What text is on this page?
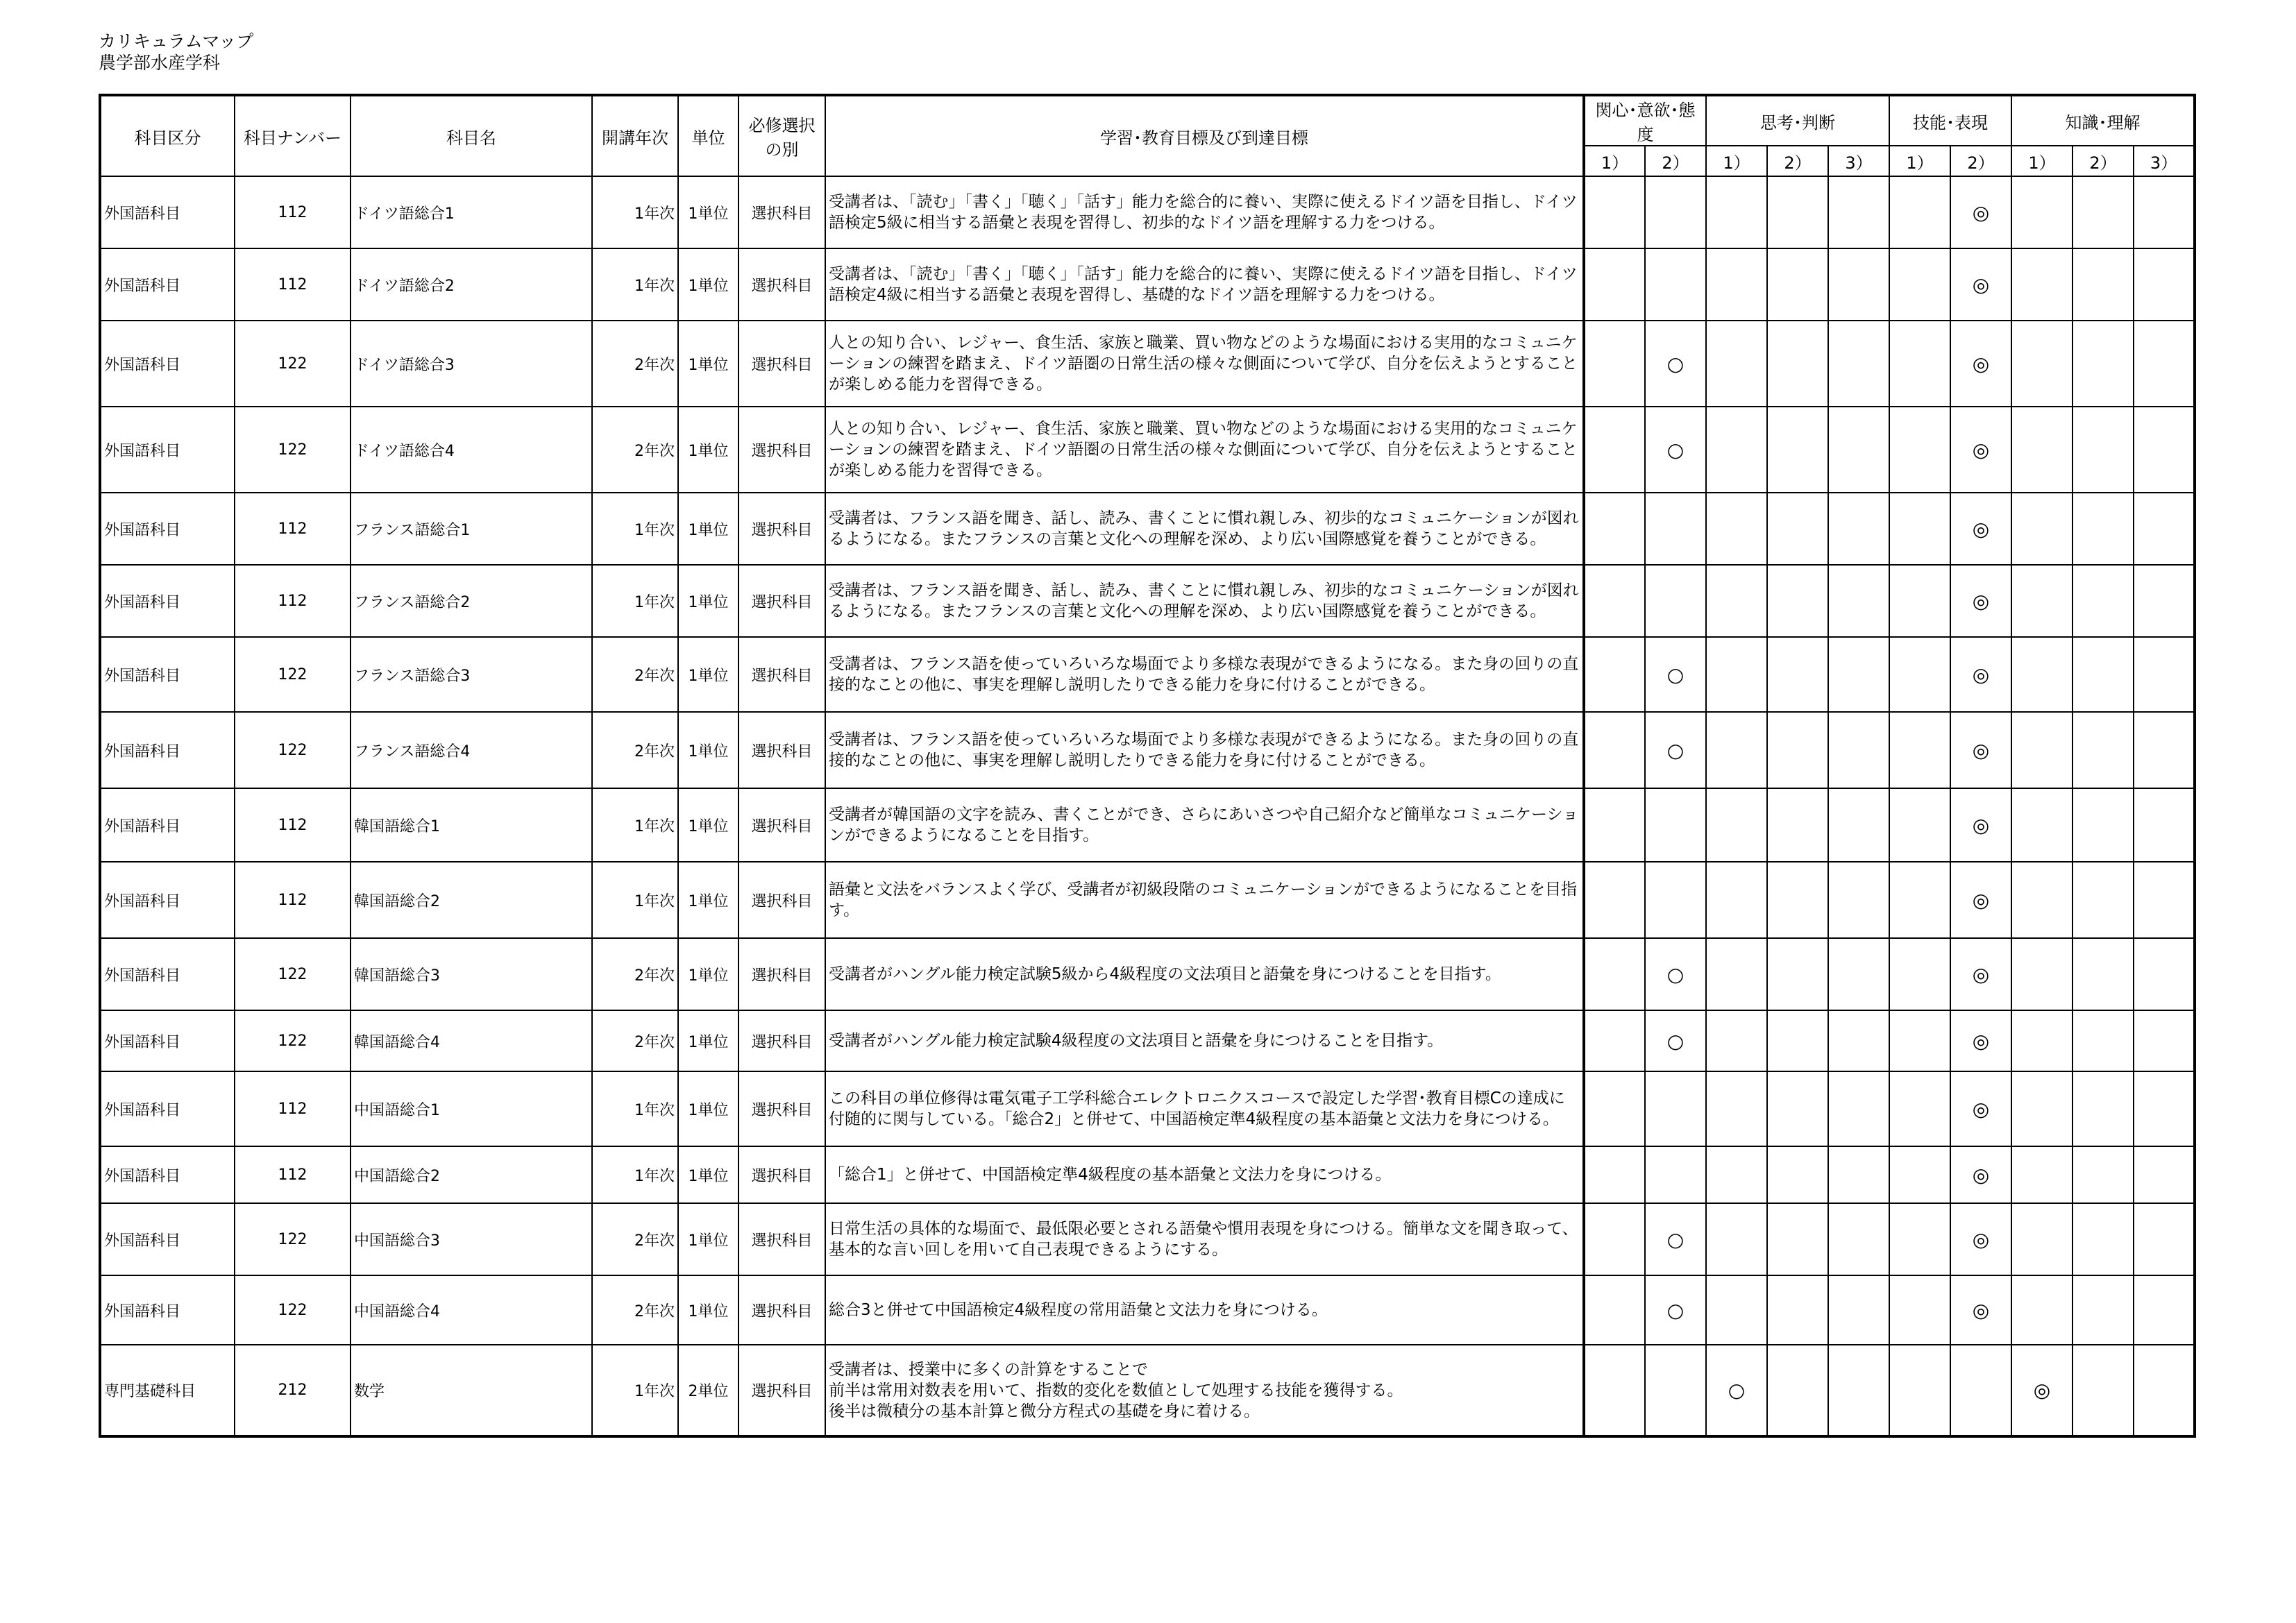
カリキュラムマップ
農学部水産学科
科目区分	科目ナンバー	科目名	開講年次	単位	必修選択の別	学習･教育目標及び到達目標	関心･意欲･態度		思考･判断			技能･表現		知識･理解		
							1）	2）	1）	2）	3）	1）	2）	1）	2）	3）
外国語科目	112	ドイツ語総合1	1年次	1単位	選択科目	受講者は、「読む」「書く」「聴く」「話す」能力を総合的に養い、実際に使えるドイツ語を目指し、ドイツ語検定5級に相当する語彙と表現を習得し、初歩的なドイツ語を理解する力をつける。							◎			
外国語科目	112	ドイツ語総合2	1年次	1単位	選択科目	受講者は、「読む」「書く」「聴く」「話す」能力を総合的に養い、実際に使えるドイツ語を目指し、ドイツ語検定4級に相当する語彙と表現を習得し、基礎的なドイツ語を理解する力をつける。							◎			
外国語科目	122	ドイツ語総合3	2年次	1単位	選択科目	人との知り合い、レジャー、食生活、家族と職業、買い物などのような場面における実用的なコミュニケーションの練習を踏まえ、ドイツ語圏の日常生活の様々な側面について学び、自分を伝えようとすることが楽しめる能力を習得できる。		○					◎			
外国語科目	122	ドイツ語総合4	2年次	1単位	選択科目	人との知り合い、レジャー、食生活、家族と職業、買い物などのような場面における実用的なコミュニケーションの練習を踏まえ、ドイツ語圏の日常生活の様々な側面について学び、自分を伝えようとすることが楽しめる能力を習得できる。		○					◎			
外国語科目	112	フランス語総合1	1年次	1単位	選択科目	受講者は、フランス語を聞き、話し、読み、書くことに慣れ親しみ、初歩的なコミュニケーションが図れるようになる。またフランスの言葉と文化への理解を深め、より広い国際感覚を養うことができる。							◎			
外国語科目	112	フランス語総合2	1年次	1単位	選択科目	受講者は、フランス語を聞き、話し、読み、書くことに慣れ親しみ、初歩的なコミュニケーションが図れるようになる。またフランスの言葉と文化への理解を深め、より広い国際感覚を養うことができる。							◎			
外国語科目	122	フランス語総合3	2年次	1単位	選択科目	受講者は、フランス語を使っていろいろな場面でより多様な表現ができるようになる。また身の回りの直接的なことの他に、事実を理解し説明したりできる能力を身に付けることができる。		○					◎			
外国語科目	122	フランス語総合4	2年次	1単位	選択科目	受講者は、フランス語を使っていろいろな場面でより多様な表現ができるようになる。また身の回りの直接的なことの他に、事実を理解し説明したりできる能力を身に付けることができる。		○					◎			
外国語科目	112	韓国語総合1	1年次	1単位	選択科目	受講者が韓国語の文字を読み、書くことができ、さらにあいさつや自己紹介など簡単なコミュニケーションができるようになることを目指す。							◎			
外国語科目	112	韓国語総合2	1年次	1単位	選択科目	語彙と文法をバランスよく学び、受講者が初級段階のコミュニケーションができるようになることを目指す。							◎			
外国語科目	122	韓国語総合3	2年次	1単位	選択科目	受講者がハングル能力検定試験5級から4級程度の文法項目と語彙を身につけることを目指す。		○					◎			
外国語科目	122	韓国語総合4	2年次	1単位	選択科目	受講者がハングル能力検定試験4級程度の文法項目と語彙を身につけることを目指す。		○					◎			
外国語科目	112	中国語総合1	1年次	1単位	選択科目	この科目の単位修得は電気電子工学科総合エレクトロニクスコースで設定した学習･教育目標Cの達成に付随的に関与している。「総合2」と併せて、中国語検定準4級程度の基本語彙と文法力を身につける。							◎			
外国語科目	112	中国語総合2	1年次	1単位	選択科目	「総合1」と併せて、中国語検定準4級程度の基本語彙と文法力を身につける。							◎			
外国語科目	122	中国語総合3	2年次	1単位	選択科目	日常生活の具体的な場面で、最低限必要とされる語彙や慣用表現を身につける。簡単な文を聞き取って、基本的な言い回しを用いて自己表現できるようにする。		○					◎			
外国語科目	122	中国語総合4	2年次	1単位	選択科目	総合3と併せて中国語検定4級程度の常用語彙と文法力を身につける。		○					◎			
専門基礎科目	212	数学	1年次	2単位	選択科目	受講者は、授業中に多くの計算をすることで
前半は常用対数表を用いて、指数的変化を数値として処理する技能を獲得する。
後半は微積分の基本計算と微分方程式の基礎を身に着ける。			○					◎		
